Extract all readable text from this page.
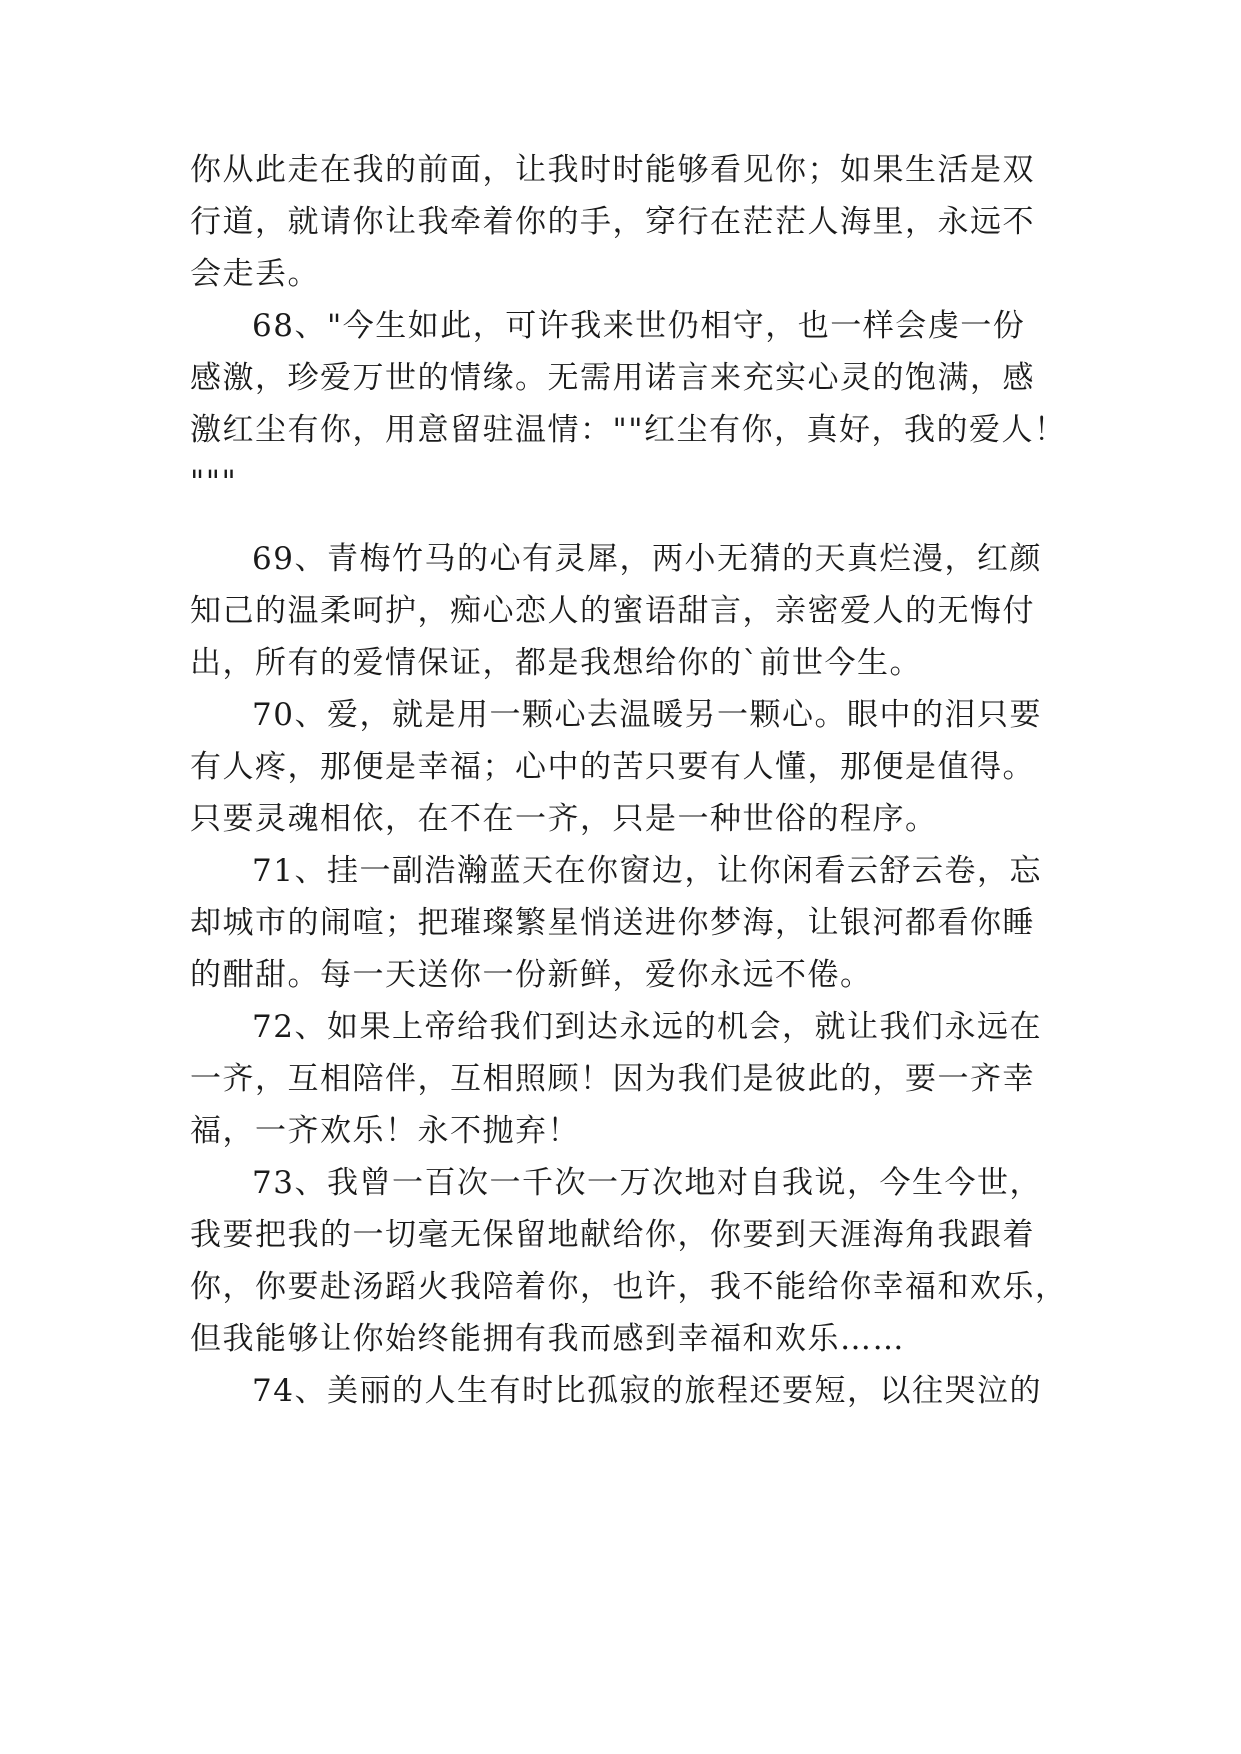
你从此走在我的前面，让我时时能够看见你；如果生活是双

行道，就请你让我牵着你的手，穿行在茫茫人海里，永远不

会走丢。

68、"今生如此，可许我来世仍相守，也一样会虔一份

感激，珍爱万世的情缘。无需用诺言来充实心灵的饱满，感

激红尘有你，用意留驻温情：""红尘有你，真好，我的爱人！

"""

69、青梅竹马的心有灵犀，两小无猜的天真烂漫，红颜

知己的温柔呵护，痴心恋人的蜜语甜言，亲密爱人的无悔付

出，所有的爱情保证，都是我想给你的`前世今生。

70、爱，就是用一颗心去温暖另一颗心。眼中的泪只要

有人疼，那便是幸福；心中的苦只要有人懂，那便是值得。

只要灵魂相依，在不在一齐，只是一种世俗的程序。

71、挂一副浩瀚蓝天在你窗边，让你闲看云舒云卷，忘

却城市的闹喧；把璀璨繁星悄送进你梦海，让银河都看你睡

的酣甜。每一天送你一份新鲜，爱你永远不倦。

72、如果上帝给我们到达永远的机会，就让我们永远在

一齐，互相陪伴，互相照顾！因为我们是彼此的，要一齐幸

福，一齐欢乐！永不抛弃！

73、我曾一百次一千次一万次地对自我说，今生今世，

我要把我的一切毫无保留地献给你，你要到天涯海角我跟着

你，你要赴汤蹈火我陪着你，也许，我不能给你幸福和欢乐，

但我能够让你始终能拥有我而感到幸福和欢乐……

74、美丽的人生有时比孤寂的旅程还要短，以往哭泣的
